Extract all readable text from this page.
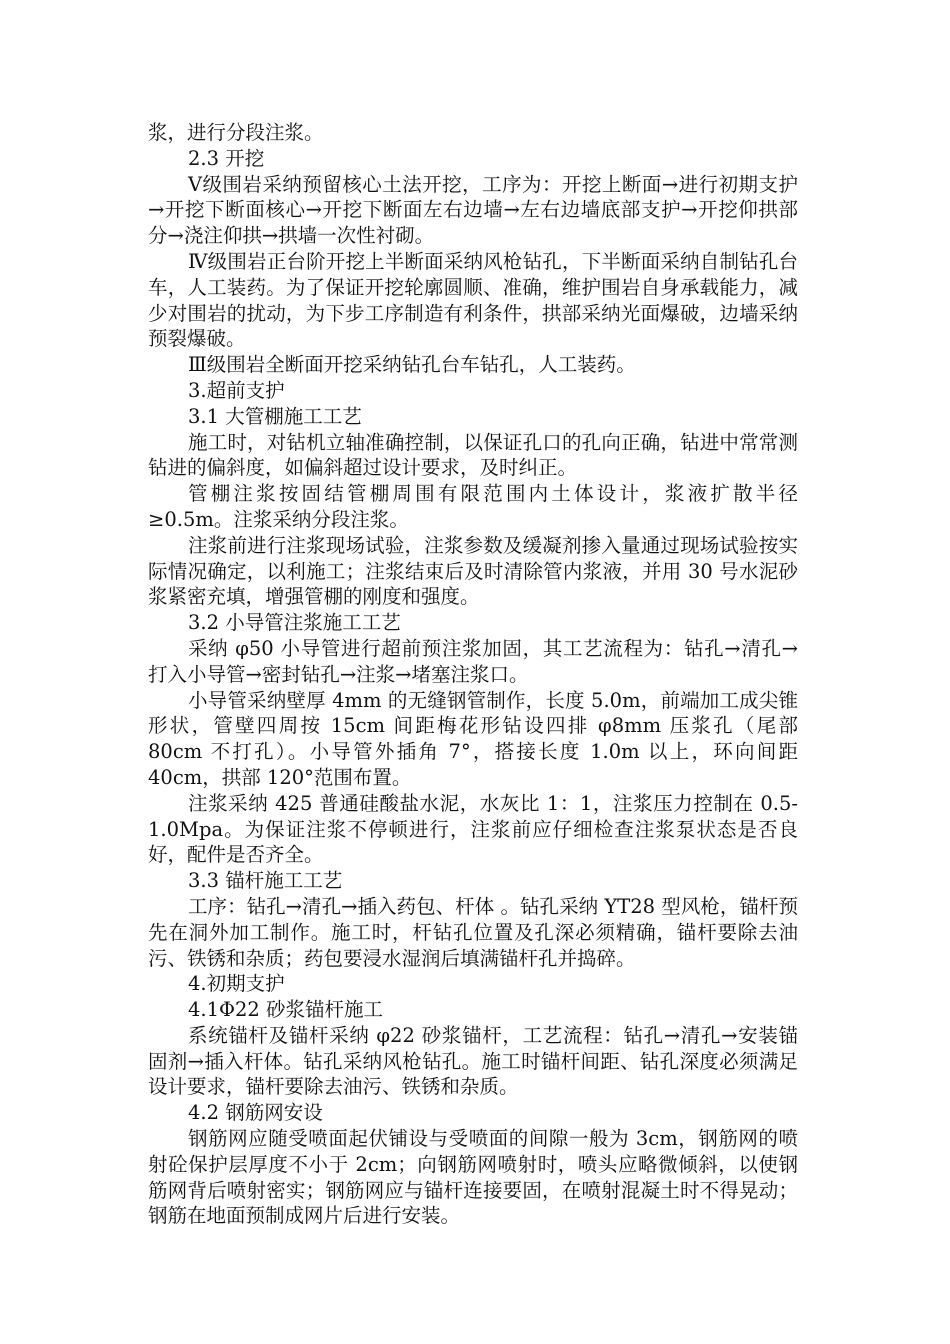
浆，进行分段注浆。

2.3 开挖

Ⅴ级围岩采纳预留核心土法开挖，工序为：开挖上断面→进行初期支护→开挖下断面核心→开挖下断面左右边墙→左右边墙底部支护→开挖仰拱部分→浇注仰拱→拱墙一次性衬砌。

Ⅳ级围岩正台阶开挖上半断面采纳风枪钻孔，下半断面采纳自制钻孔台车，人工装药。为了保证开挖轮廓圆顺、准确，维护围岩自身承载能力，减少对围岩的扰动，为下步工序制造有利条件，拱部采纳光面爆破，边墙采纳预裂爆破。

Ⅲ级围岩全断面开挖采纳钻孔台车钻孔，人工装药。

3.超前支护

3.1 大管棚施工工艺

施工时，对钻机立轴准确控制，以保证孔口的孔向正确，钻进中常常测钻进的偏斜度，如偏斜超过设计要求，及时纠正。

管棚注浆按固结管棚周围有限范围内土体设计，浆液扩散半径≥0.5m。注浆采纳分段注浆。

注浆前进行注浆现场试验，注浆参数及缓凝剂掺入量通过现场试验按实际情况确定，以利施工；注浆结束后及时清除管内浆液，并用 30 号水泥砂浆紧密充填，增强管棚的刚度和强度。

3.2 小导管注浆施工工艺

采纳 φ50 小导管进行超前预注浆加固，其工艺流程为：钻孔→清孔→打入小导管→密封钻孔→注浆→堵塞注浆口。

小导管采纳壁厚 4mm 的无缝钢管制作，长度 5.0m，前端加工成尖锥形状，管壁四周按 15cm 间距梅花形钻设四排 φ8mm 压浆孔（尾部 80cm 不打孔）。小导管外插角 7°，搭接长度 1.0m 以上，环向间距 40cm，拱部 120°范围布置。

注浆采纳 425 普通硅酸盐水泥，水灰比 1：1，注浆压力控制在 0.5-1.0Mpa。为保证注浆不停顿进行，注浆前应仔细检查注浆泵状态是否良好，配件是否齐全。

3.3 锚杆施工工艺

工序：钻孔→清孔→插入药包、杆体 。钻孔采纳 YT28 型风枪，锚杆预先在洞外加工制作。施工时，杆钻孔位置及孔深必须精确，锚杆要除去油污、铁锈和杂质；药包要浸水湿润后填满锚杆孔并捣碎。

4.初期支护

4.1Φ22 砂浆锚杆施工

系统锚杆及锚杆采纳 φ22 砂浆锚杆，工艺流程：钻孔→清孔→安装锚固剂→插入杆体。钻孔采纳风枪钻孔。施工时锚杆间距、钻孔深度必须满足设计要求，锚杆要除去油污、铁锈和杂质。

4.2 钢筋网安设

钢筋网应随受喷面起伏铺设与受喷面的间隙一般为 3cm，钢筋网的喷射砼保护层厚度不小于 2cm；向钢筋网喷射时，喷头应略微倾斜，以使钢筋网背后喷射密实；钢筋网应与锚杆连接要固，在喷射混凝土时不得晃动；钢筋在地面预制成网片后进行安装。
